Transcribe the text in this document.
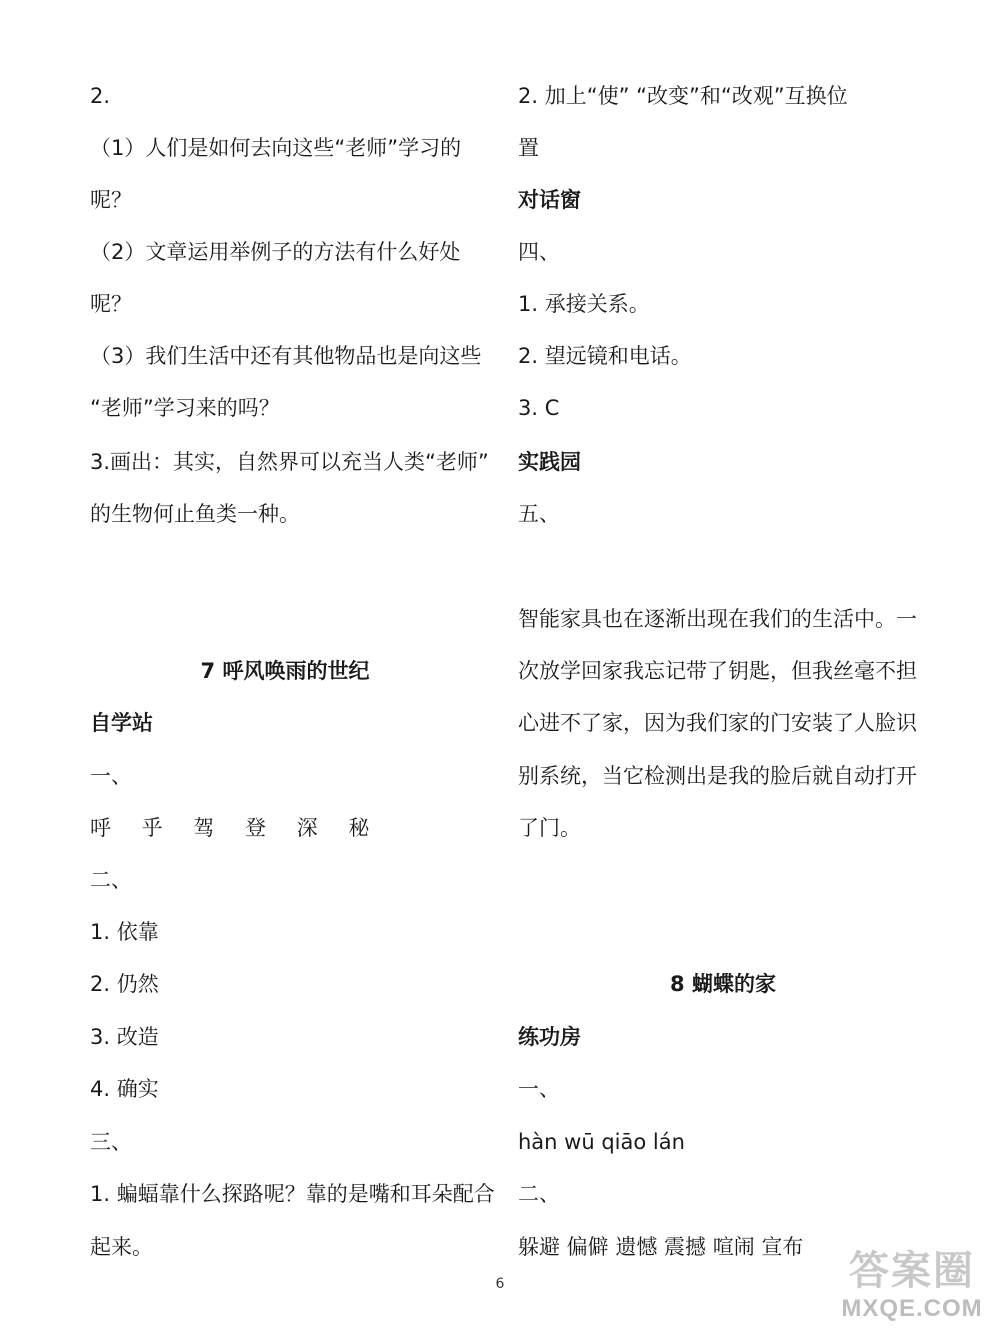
2.
（1）人们是如何去向这些“老师”学习的
呢？
（2）文章运用举例子的方法有什么好处
呢？
（3）我们生活中还有其他物品也是向这些
“老师”学习来的吗？
3.画出：其实，自然界可以充当人类“老师”
的生物何止鱼类一种。
7 呼风唤雨的世纪
自学站
一、
呼 乎 驾 登 深 秘
二、
1. 依靠
2. 仍然
3. 改造
4. 确实
三、
1. 蝙蝠靠什么探路呢？靠的是嘴和耳朵配合
起来。
2. 加上“使” “改变”和“改观”互换位
置
对话窗
四、
1. 承接关系。
2. 望远镜和电话。
3. C
实践园
五、
智能家具也在逐渐出现在我们的生活中。一
次放学回家我忘记带了钥匙，但我丝毫不担
心进不了家，因为我们家的门安装了人脸识
别系统，当它检测出是我的脸后就自动打开
了门。
8 蝴蝶的家
练功房
一、
hàn wū qiāo lán
二、
躲避 偏僻 遗憾 震撼 喧闹 宣布
6	答案圈
MXQE.COM
